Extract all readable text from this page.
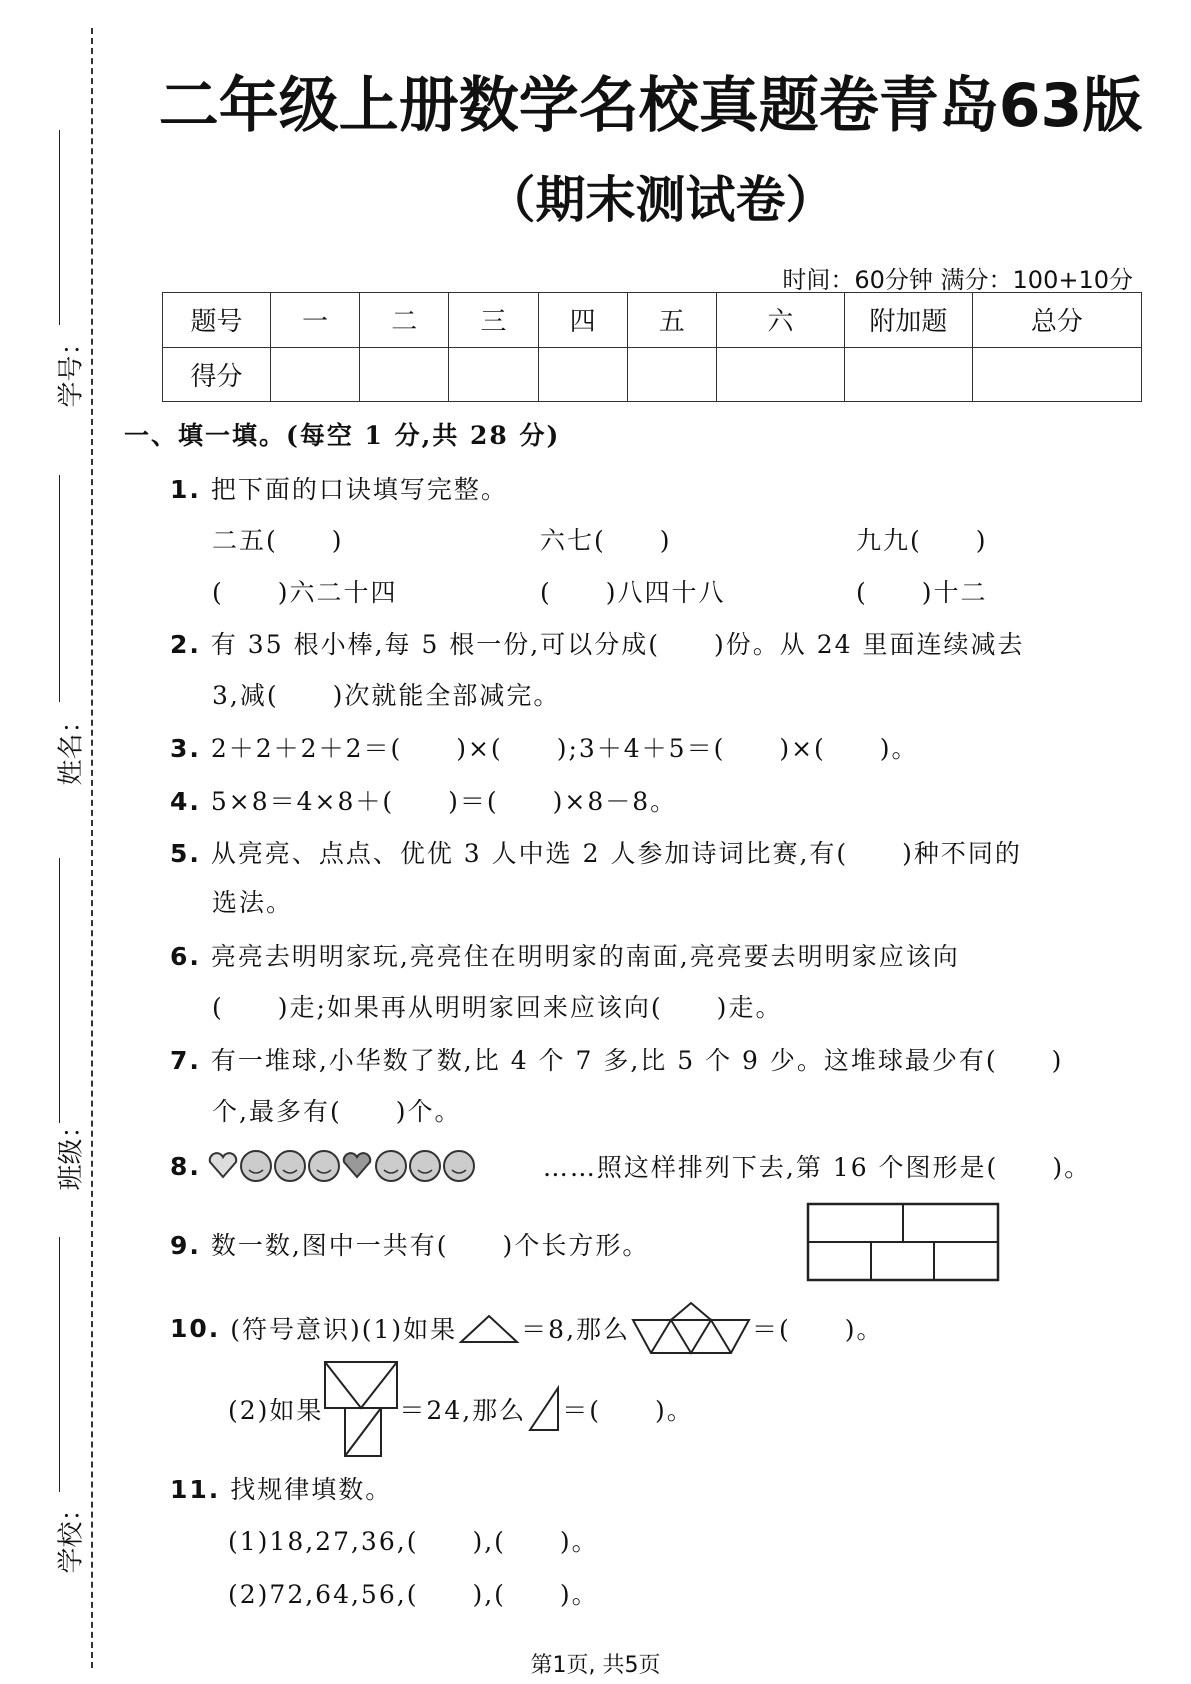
学号：
姓名：
班级：
学校：
二年级上册数学名校真题卷青岛63版
（期末测试卷）
时间：60分钟 满分：100+10分
题号	一	二	三	四	五	六	附加题	总分
得分								
一、填一填。(每空 1 分,共 28 分)
1. 把下面的口诀填写完整。
二五(　　)	六七(　　)	九九(　　)
(　　)六二十四	(　　)八四十八	(　　)十二
2. 有 35 根小棒,每 5 根一份,可以分成(　　)份。从 24 里面连续减去
3,减(　　)次就能全部减完。
3. 2＋2＋2＋2＝(　　)×(　　);3＋4＋5＝(　　)×(　　)。
4. 5×8＝4×8＋(　　)＝(　　)×8－8。
5. 从亮亮、点点、优优 3 人中选 2 人参加诗词比赛,有(　　)种不同的
选法。
6. 亮亮去明明家玩,亮亮住在明明家的南面,亮亮要去明明家应该向
(　　)走;如果再从明明家回来应该向(　　)走。
7. 有一堆球,小华数了数,比 4 个 7 多,比 5 个 9 少。这堆球最少有(　　)
个,最多有(　　)个。
8.	……照这样排列下去,第 16 个图形是(　　)。
9. 数一数,图中一共有(　　)个长方形。
10.
(符号意识)(1)如果	＝8,那么	＝(　　)。
(2)如果	＝24,那么 ＝(　　)。
11. 找规律填数。
(1)18,27,36,(　　),(　　)。
(2)72,64,56,(　　),(　　)。
第1页, 共5页
